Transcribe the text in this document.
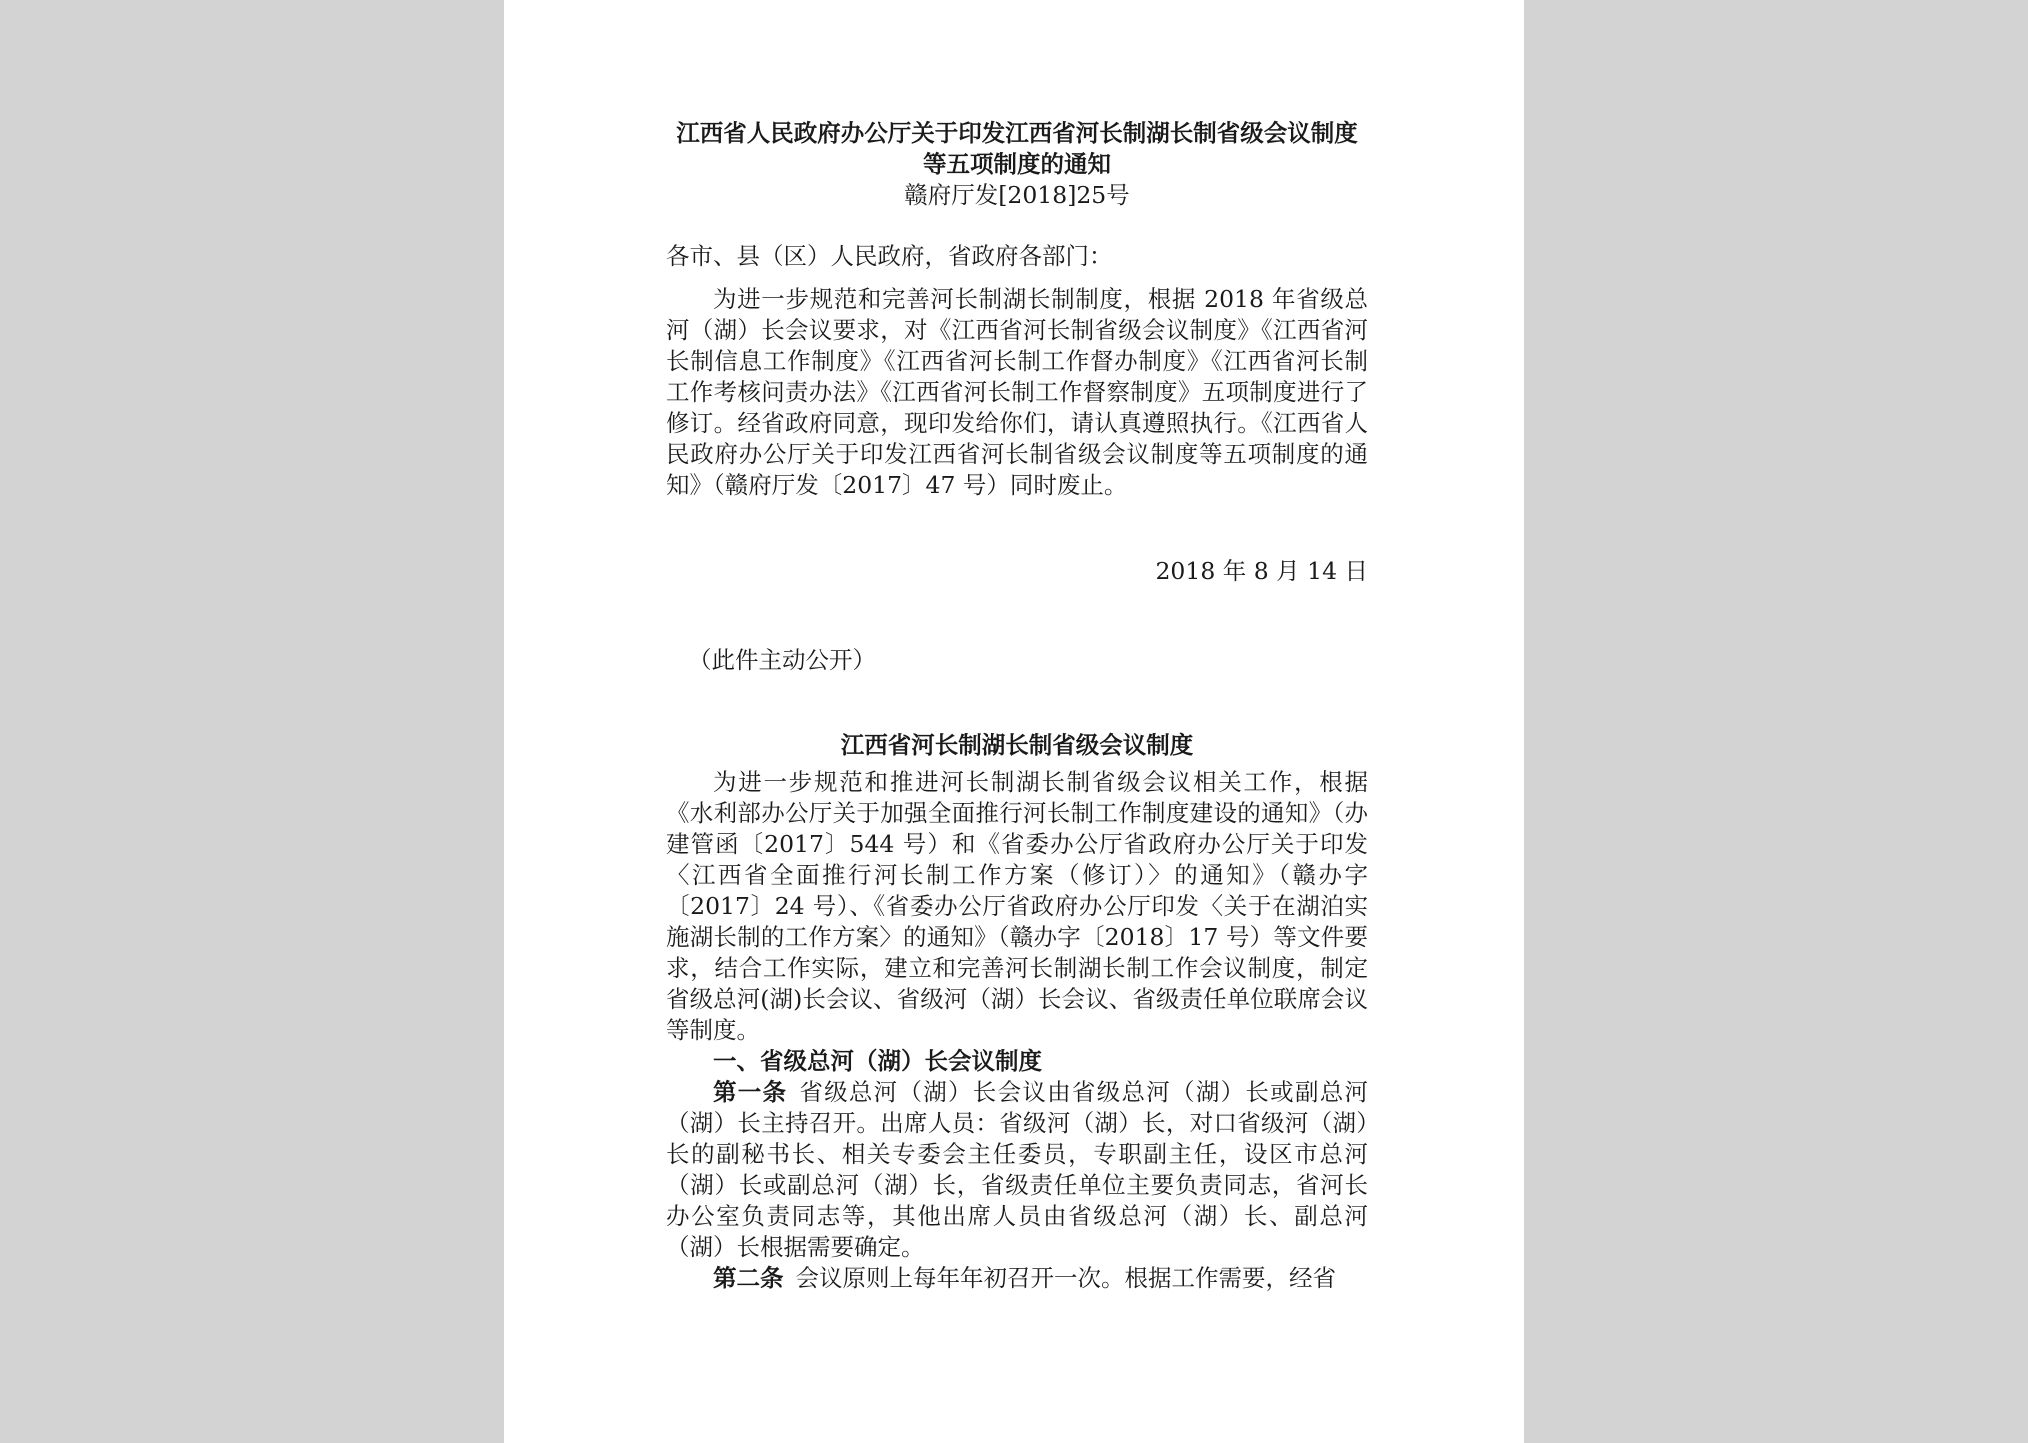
江西省人民政府办公厅关于印发江西省河长制湖长制省级会议制度

等五项制度的通知

赣府厅发[2018]25号

各市、县（区）人民政府，省政府各部门：

为进一步规范和完善河长制湖长制制度，根据 2018 年省级总河（湖）长会议要求，对《江西省河长制省级会议制度》《江西省河长制信息工作制度》《江西省河长制工作督办制度》《江西省河长制工作考核问责办法》《江西省河长制工作督察制度》五项制度进行了修订。经省政府同意，现印发给你们，请认真遵照执行。《江西省人民政府办公厅关于印发江西省河长制省级会议制度等五项制度的通知》（赣府厅发〔2017〕47 号）同时废止。

2018 年 8 月 14 日

（此件主动公开）

江西省河长制湖长制省级会议制度

为进一步规范和推进河长制湖长制省级会议相关工作，根据《水利部办公厅关于加强全面推行河长制工作制度建设的通知》（办建管函〔2017〕544 号）和《省委办公厅省政府办公厅关于印发〈江西省全面推行河长制工作方案（修订）〉的通知》（赣办字〔2017〕24 号）、《省委办公厅省政府办公厅印发〈关于在湖泊实施湖长制的工作方案〉的通知》（赣办字〔2018〕17 号）等文件要求，结合工作实际，建立和完善河长制湖长制工作会议制度，制定省级总河(湖)长会议、省级河（湖）长会议、省级责任单位联席会议等制度。

一、省级总河（湖）长会议制度

第一条 省级总河（湖）长会议由省级总河（湖）长或副总河（湖）长主持召开。出席人员：省级河（湖）长，对口省级河（湖）长的副秘书长、相关专委会主任委员，专职副主任，设区市总河（湖）长或副总河（湖）长，省级责任单位主要负责同志，省河长办公室负责同志等，其他出席人员由省级总河（湖）长、副总河（湖）长根据需要确定。

第二条 会议原则上每年年初召开一次。根据工作需要，经省
